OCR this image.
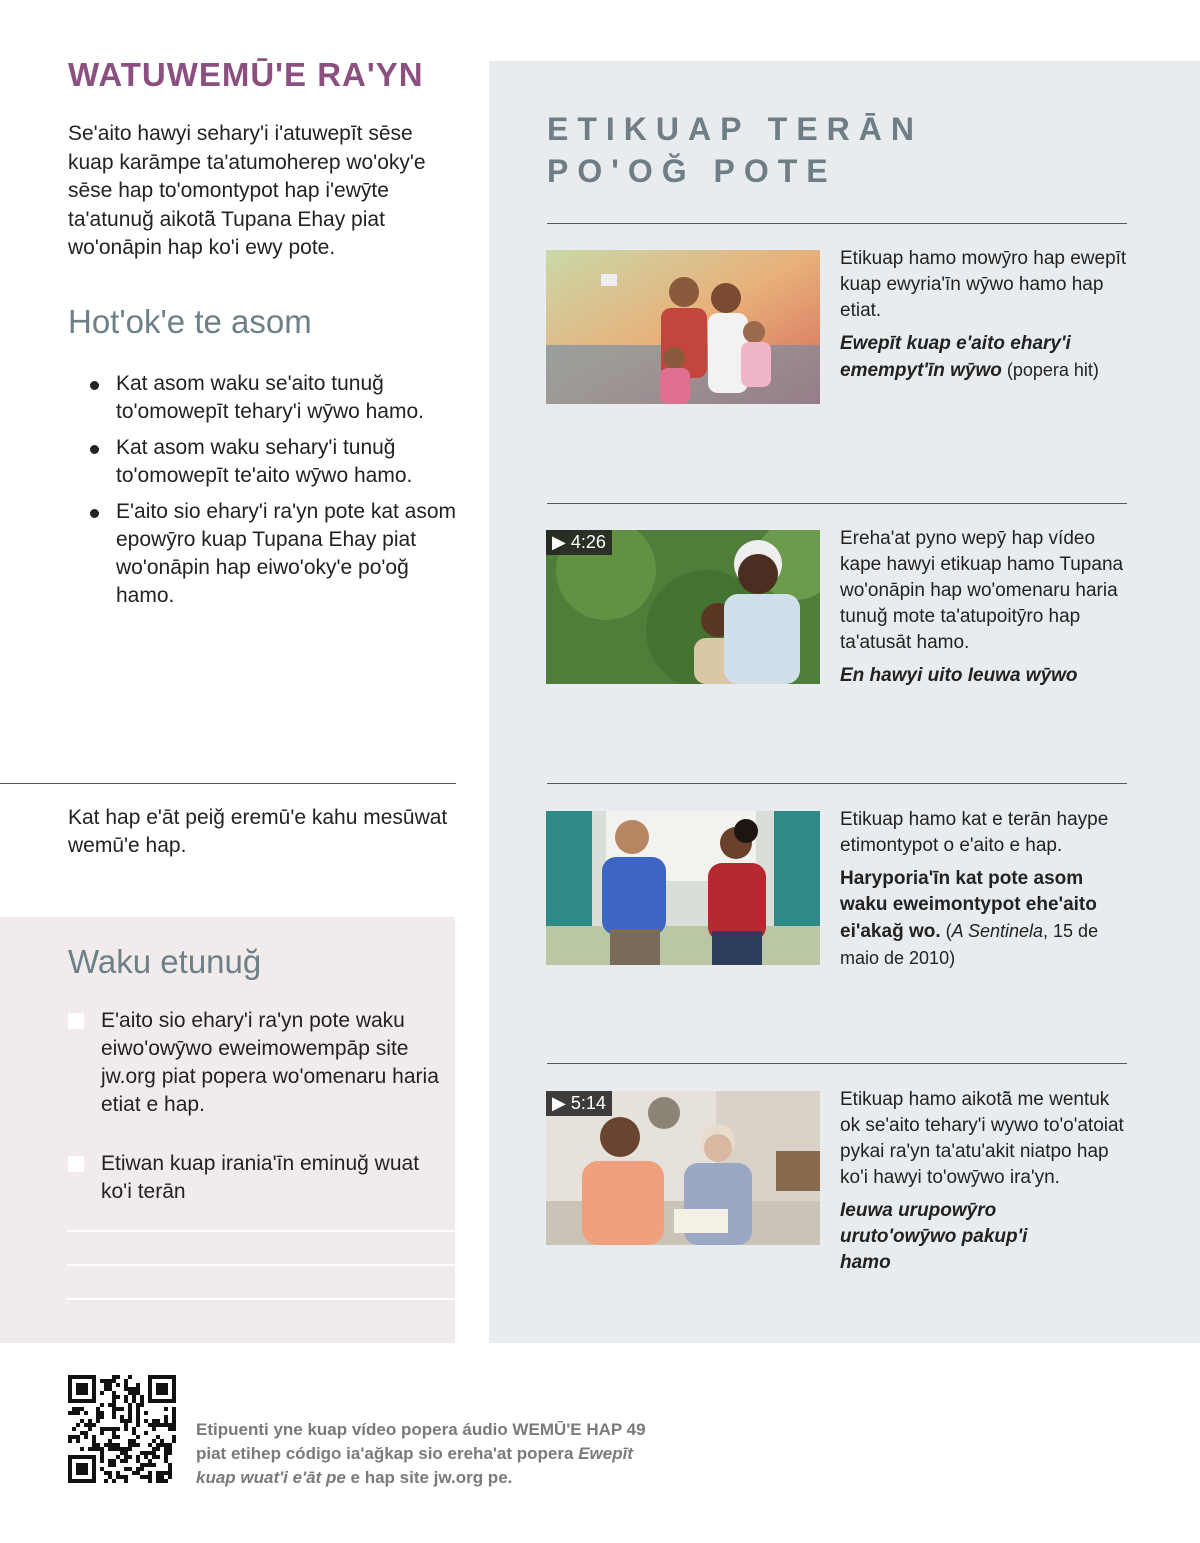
WATUWEMŪ'E RA'YN
Se'aito hawyi sehary'i i'atuwepīt sēse kuap karāmpe ta'atumoherep wo'oky'e sēse hap to'omontypot hap i'ewȳte ta'atunuğ aikotā̃ Tupana Ehay piat wo'onāpin hap ko'i ewy pote.
Hot'ok'e te asom
Kat asom waku se'aito tunuğ to'omowepīt tehary'i wȳwo hamo.
Kat asom waku sehary'i tunuğ to'omowepīt te'aito wȳwo hamo.
E'aito sio ehary'i ra'yn pote kat asom epowȳro kuap Tupana Ehay piat wo'onāpin hap eiwo'oky'e po'oğ hamo.
Kat hap e'āt peiğ eremū'e kahu mesūwat wemū'e hap.
Waku etunuğ
E'aito sio ehary'i ra'yn pote waku eiwo'owȳwo eweimowempāp site jw.org piat popera wo'omenaru haria etiat e hap.
Etiwan kuap irania'īn eminuğ wuat ko'i terān
ETIKUAP TERĀN
PO'OĞ POTE
Etikuap hamo mowȳro hap ewepīt kuap ewyria'īn wȳwo hamo hap etiat.
Ewepīt kuap e'aito ehary'i emempyt'īn wȳwo (popera hit)
▶ 4:26	Ereha'at pyno wepȳ hap vídeo kape hawyi etikuap hamo Tupana wo'onāpin hap wo'omenaru haria tunuğ mote ta'atupoitȳro hap ta'atusāt hamo.
En hawyi uito Ieuwa wȳwo
Etikuap hamo kat e terān haype etimontypot o e'aito e hap.
Haryporia'īn kat pote asom waku eweimontypot ehe'aito ei'akağ wo. (A Sentinela, 15 de maio de 2010)
▶ 5:14	Etikuap hamo aikotā̃ me wentuk ok se'aito tehary'i wywo to'o'atoiat pykai ra'yn ta'atu'akit niatpo hap ko'i hawyi to'owȳwo ira'yn.
Ieuwa urupowȳro uruto'owȳwo pakup'i hamo
Etipuenti yne kuap vídeo popera áudio WEMŪ'E HAP 49 piat etihep código ia'ağkap sio ereha'at popera Ewepīt kuap wuat'i e'āt pe e hap site jw.org pe.
